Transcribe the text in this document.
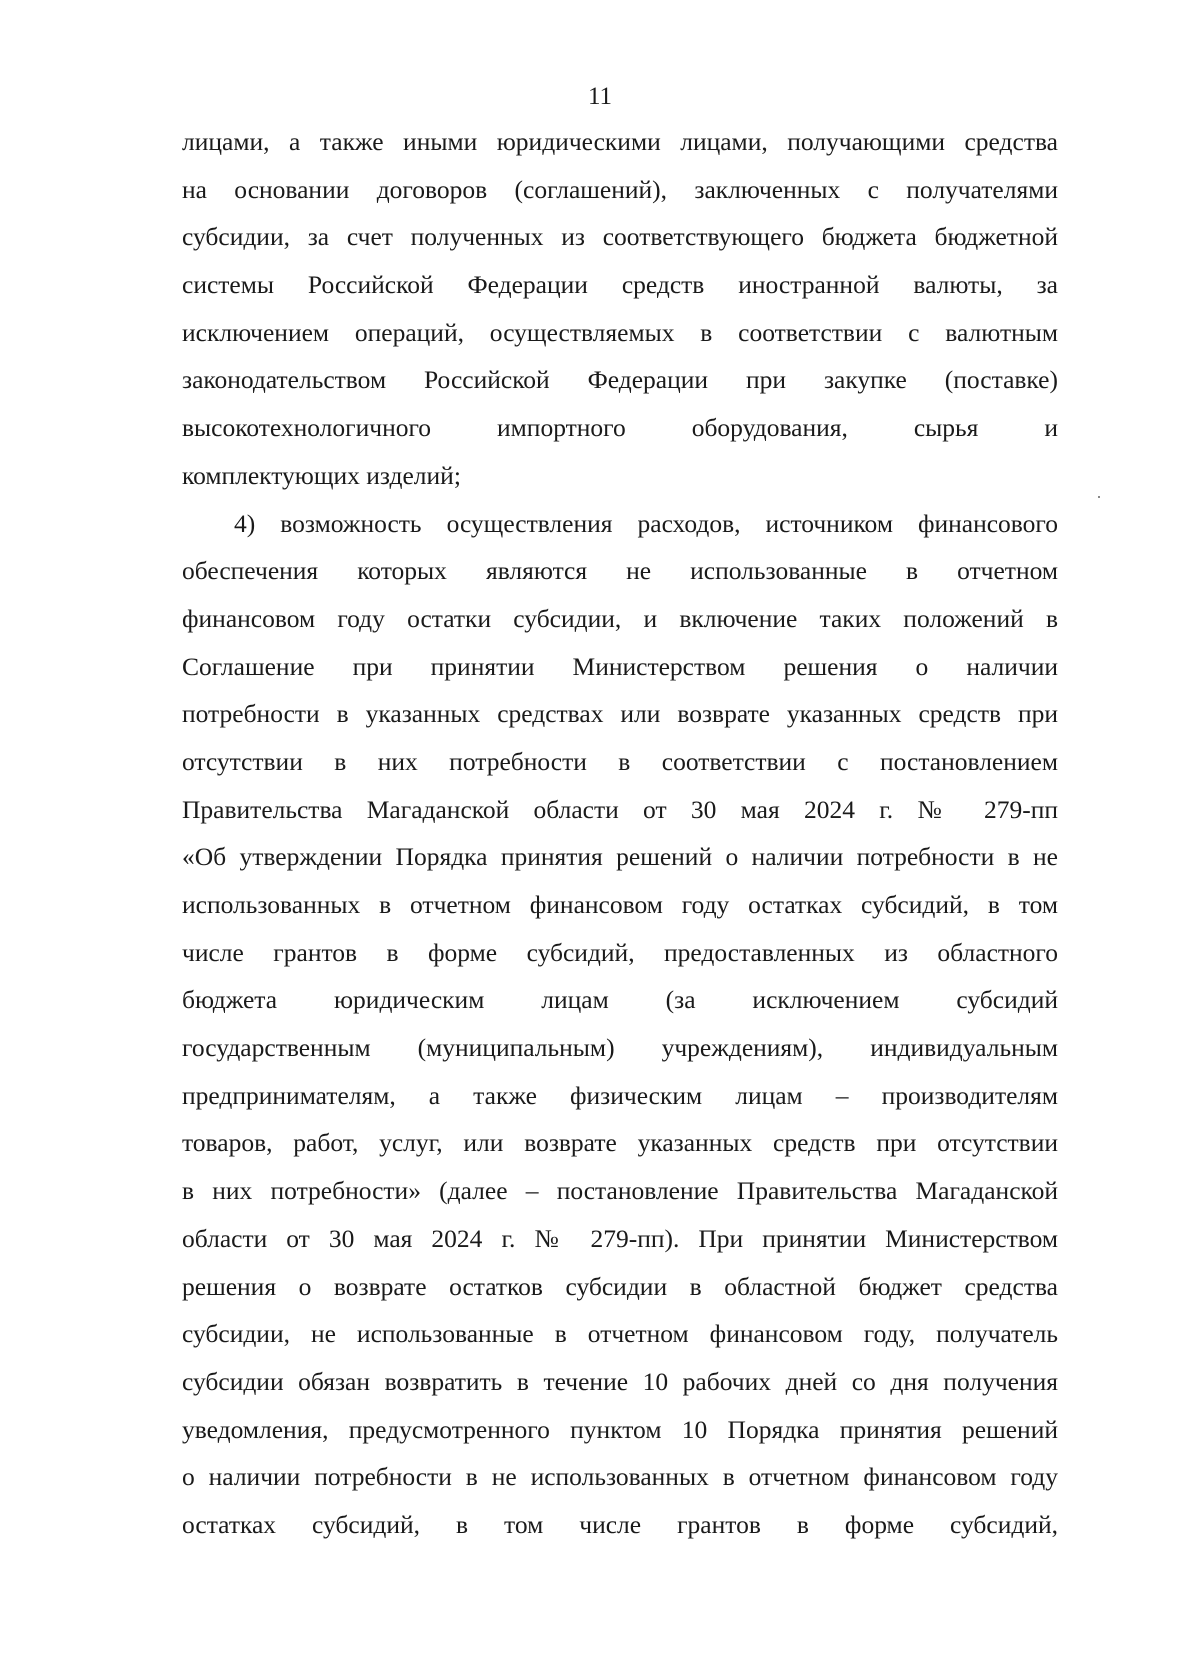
11
лицами, а также иными юридическими лицами, получающими средства
на основании договоров (соглашений), заключенных с получателями
субсидии, за счет полученных из соответствующего бюджета бюджетной
системы Российской Федерации средств иностранной валюты, за
исключением операций, осуществляемых в соответствии с валютным
законодательством Российской Федерации при закупке (поставке)
высокотехнологичного импортного оборудования, сырья и
комплектующих изделий;
4) возможность осуществления расходов, источником финансового
обеспечения которых являются не использованные в отчетном
финансовом году остатки субсидии, и включение таких положений в
Соглашение при принятии Министерством решения о наличии
потребности в указанных средствах или возврате указанных средств при
отсутствии в них потребности в соответствии с постановлением
Правительства Магаданской области от 30 мая 2024 г. № 279-пп
«Об утверждении Порядка принятия решений о наличии потребности в не
использованных в отчетном финансовом году остатках субсидий, в том
числе грантов в форме субсидий, предоставленных из областного
бюджета юридическим лицам (за исключением субсидий
государственным (муниципальным) учреждениям), индивидуальным
предпринимателям, а также физическим лицам – производителям
товаров, работ, услуг, или возврате указанных средств при отсутствии
в них потребности» (далее – постановление Правительства Магаданской
области от 30 мая 2024 г. № 279-пп). При принятии Министерством
решения о возврате остатков субсидии в областной бюджет средства
субсидии, не использованные в отчетном финансовом году, получатель
субсидии обязан возвратить в течение 10 рабочих дней со дня получения
уведомления, предусмотренного пунктом 10 Порядка принятия решений
о наличии потребности в не использованных в отчетном финансовом году
остатках субсидий, в том числе грантов в форме субсидий,
